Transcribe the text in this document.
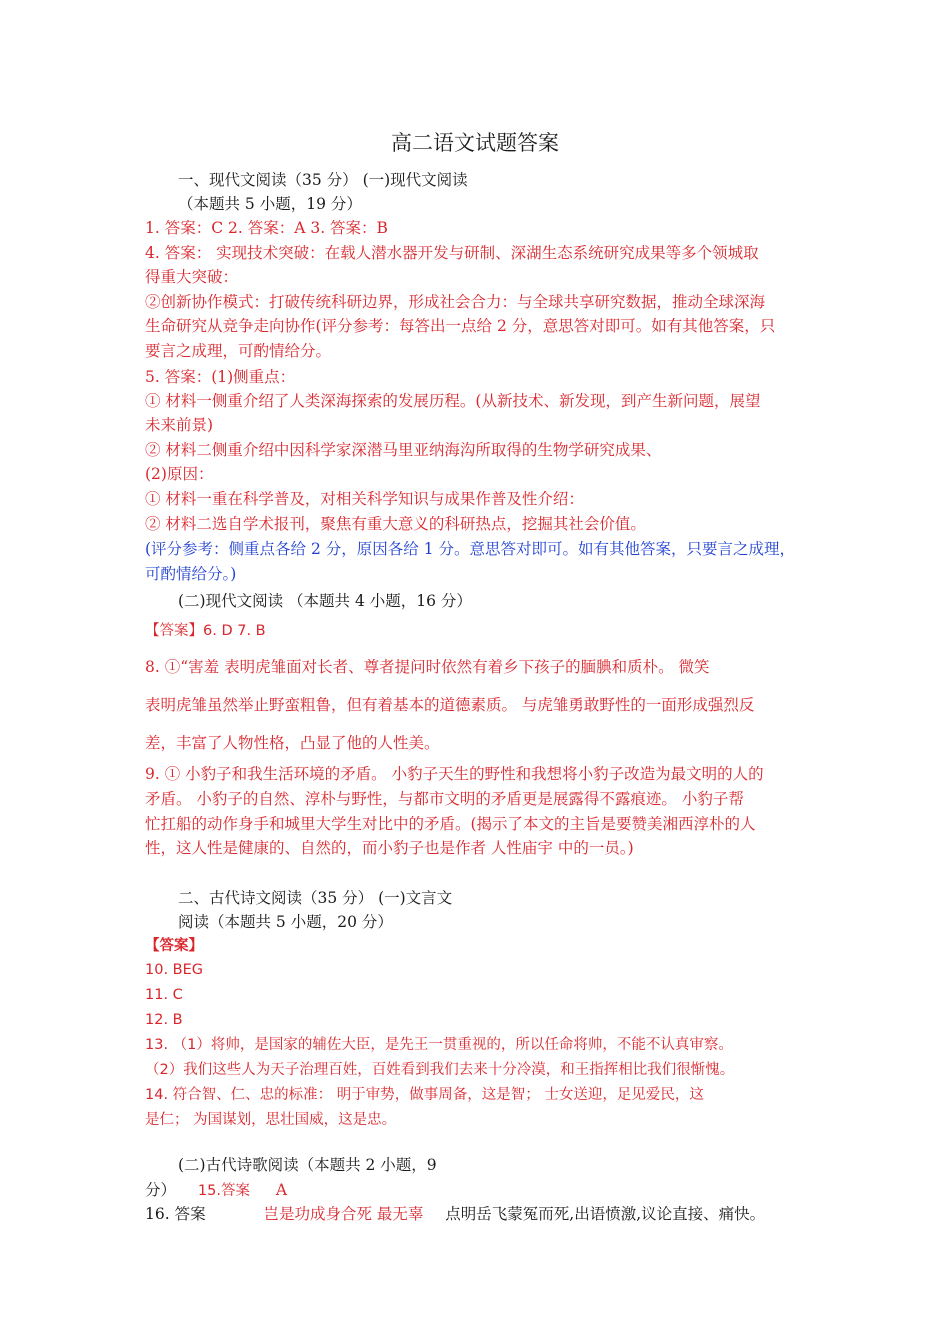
高二语文试题答案
一、现代文阅读（35 分） (一)现代文阅读
（本题共 5 小题，19 分）
1. 答案：C 2. 答案：A 3. 答案：B
4. 答案： 实现技术突破：在载人潜水器开发与研制、深湖生态系统研究成果等多个领城取
得重大突破：
②创新协作模式：打破传统科研边界，形成社会合力：与全球共享研究数据，推动全球深海
生命研究从竞争走向协作(评分参考：每答出一点给 2 分，意思答对即可。如有其他答案，只
要言之成理，可酌情给分。
5. 答案：(1)侧重点：
① 材料一侧重介绍了人类深海探索的发展历程。(从新技术、新发现，到产生新问题，展望
未来前景)
② 材料二侧重介绍中因科学家深潜马里亚纳海沟所取得的生物学研究成果、
(2)原因：
① 材料一重在科学普及，对相关科学知识与成果作普及性介绍：
② 材料二选自学术报刊，聚焦有重大意义的科研热点，挖掘其社会价值。
(评分参考：侧重点各给 2 分，原因各给 1 分。意思答对即可。如有其他答案，只要言之成理，
可酌情给分。)
(二)现代文阅读 （本题共 4 小题，16 分）
【答案】6. D 7. B
8. ①“害羞 表明虎雏面对长者、尊者提问时依然有着乡下孩子的腼腆和质朴。 微笑
表明虎雏虽然举止野蛮粗鲁，但有着基本的道德素质。 与虎雏勇敢野性的一面形成强烈反
差，丰富了人物性格，凸显了他的人性美。
9. ① 小豹子和我生活环境的矛盾。 小豹子天生的野性和我想将小豹子改造为最文明的人的
矛盾。 小豹子的自然、淳朴与野性，与都市文明的矛盾更是展露得不露痕迹。 小豹子帮
忙扛船的动作身手和城里大学生对比中的矛盾。(揭示了本文的主旨是要赞美湘西淳朴的人
性，这人性是健康的、自然的，而小豹子也是作者 人性庙宇 中的一员。)
二、古代诗文阅读（35 分） (一)文言文
阅读（本题共 5 小题，20 分）
【答案】
10. BEG
11. C
12. B
13. （1）将帅，是国家的辅佐大臣，是先王一贯重视的，所以任命将帅，不能不认真审察。
（2）我们这些人为天子治理百姓，百姓看到我们去来十分冷漠，和王指挥相比我们很惭愧。
14. 符合智、仁、忠的标准： 明于审势，做事周备，这是智； 士女送迎，足见爱民，这
是仁； 为国谋划，思壮国威，这是忠。
(二)古代诗歌阅读（本题共 2 小题，9
分） 15.答案 A
16. 答案	岂是功成身合死 最无辜 点明岳飞蒙冤而死,出语愤激,议论直接、痛快。
